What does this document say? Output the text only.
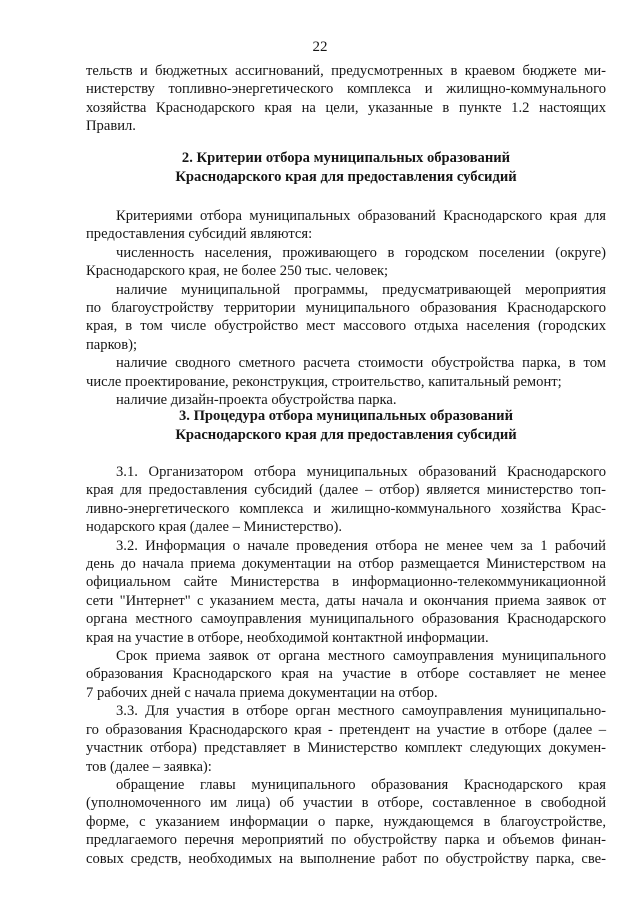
22
тельств и бюджетных ассигнований, предусмотренных в краевом бюджете ми-
нистерству топливно-энергетического комплекса и жилищно-коммунального
хозяйства Краснодарского края на цели, указанные в пункте 1.2 настоящих
Правил.
2. Критерии отбора муниципальных образований
Краснодарского края для предоставления субсидий
Критериями отбора муниципальных образований Краснодарского края для
предоставления субсидий являются:
численность населения, проживающего в городском поселении (округе)
Краснодарского края, не более 250 тыс. человек;
наличие муниципальной программы, предусматривающей мероприятия
по благоустройству территории муниципального образования Краснодарского
края, в том числе обустройство мест массового отдыха населения (городских
парков);
наличие сводного сметного расчета стоимости обустройства парка, в том
числе проектирование, реконструкция, строительство, капитальный ремонт;
наличие дизайн-проекта обустройства парка.
3. Процедура отбора муниципальных образований
Краснодарского края для предоставления субсидий
3.1. Организатором отбора муниципальных образований Краснодарского
края для предоставления субсидий (далее – отбор) является министерство топ-
ливно-энергетического комплекса и жилищно-коммунального хозяйства Крас-
нодарского края (далее – Министерство).
3.2. Информация о начале проведения отбора не менее чем за 1 рабочий
день до начала приема документации на отбор размещается Министерством на
официальном сайте Министерства в информационно-телекоммуникационной
сети "Интернет" с указанием места, даты начала и окончания приема заявок от
органа местного самоуправления муниципального образования Краснодарского
края на участие в отборе, необходимой контактной информации.
Срок приема заявок от органа местного самоуправления муниципального
образования Краснодарского края на участие в отборе составляет не менее
7 рабочих дней с начала приема документации на отбор.
3.3. Для участия в отборе орган местного самоуправления муниципально-
го образования Краснодарского края - претендент на участие в отборе (далее –
участник отбора) представляет в Министерство комплект следующих докумен-
тов (далее – заявка):
обращение главы муниципального образования Краснодарского края
(уполномоченного им лица) об участии в отборе, составленное в свободной
форме, с указанием информации о парке, нуждающемся в благоустройстве,
предлагаемого перечня мероприятий по обустройству парка и объемов финан-
совых средств, необходимых на выполнение работ по обустройству парка, све-
